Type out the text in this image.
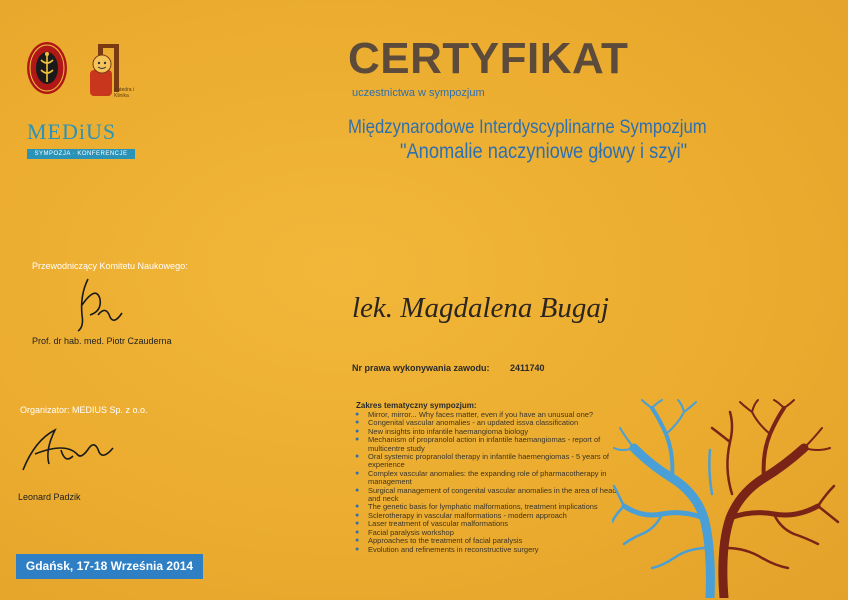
Katedra i Klinika
MEDiUS
SYMPOZJA · KONFERENCJE
CERTYFIKAT
uczestnictwa w sympozjum
Międzynarodowe Interdyscyplinarne Sympozjum
"Anomalie naczyniowe głowy i szyi"
Przewodniczący Komitetu Naukowego:
Prof. dr hab. med. Piotr Czauderna
Organizator: MEDIUS Sp. z o.o.
Leonard Padzik
Gdańsk, 17-18 Września 2014
lek. Magdalena Bugaj
Nr prawa wykonywania zawodu: 2411740
Zakres tematyczny sympozjum:
● Mirror, mirror... Why faces matter, even if you have an unusual one?
● Congenital vascular anomalies - an updated issva classification
● New insights into infantile haemangioma biology
● Mechanism of propranolol action in infantile haemangiomas - report of multicentre study
● Oral systemic propranolol therapy in infantile haemengiomas - 5 years of experience
● Complex vascular anomalies: the expanding role of pharmacotherapy in management
● Surgical management of congenital vascular anomalies in the area of head and neck
● The genetic basis for lymphatic malformations, treatment implications
● Sclerotherapy in vascular malformations - modern approach
● Laser treatment of vascular malformations
● Facial paralysis workshop
● Approaches to the treatment of facial paralysis
● Evolution and refinements in reconstructive surgery
